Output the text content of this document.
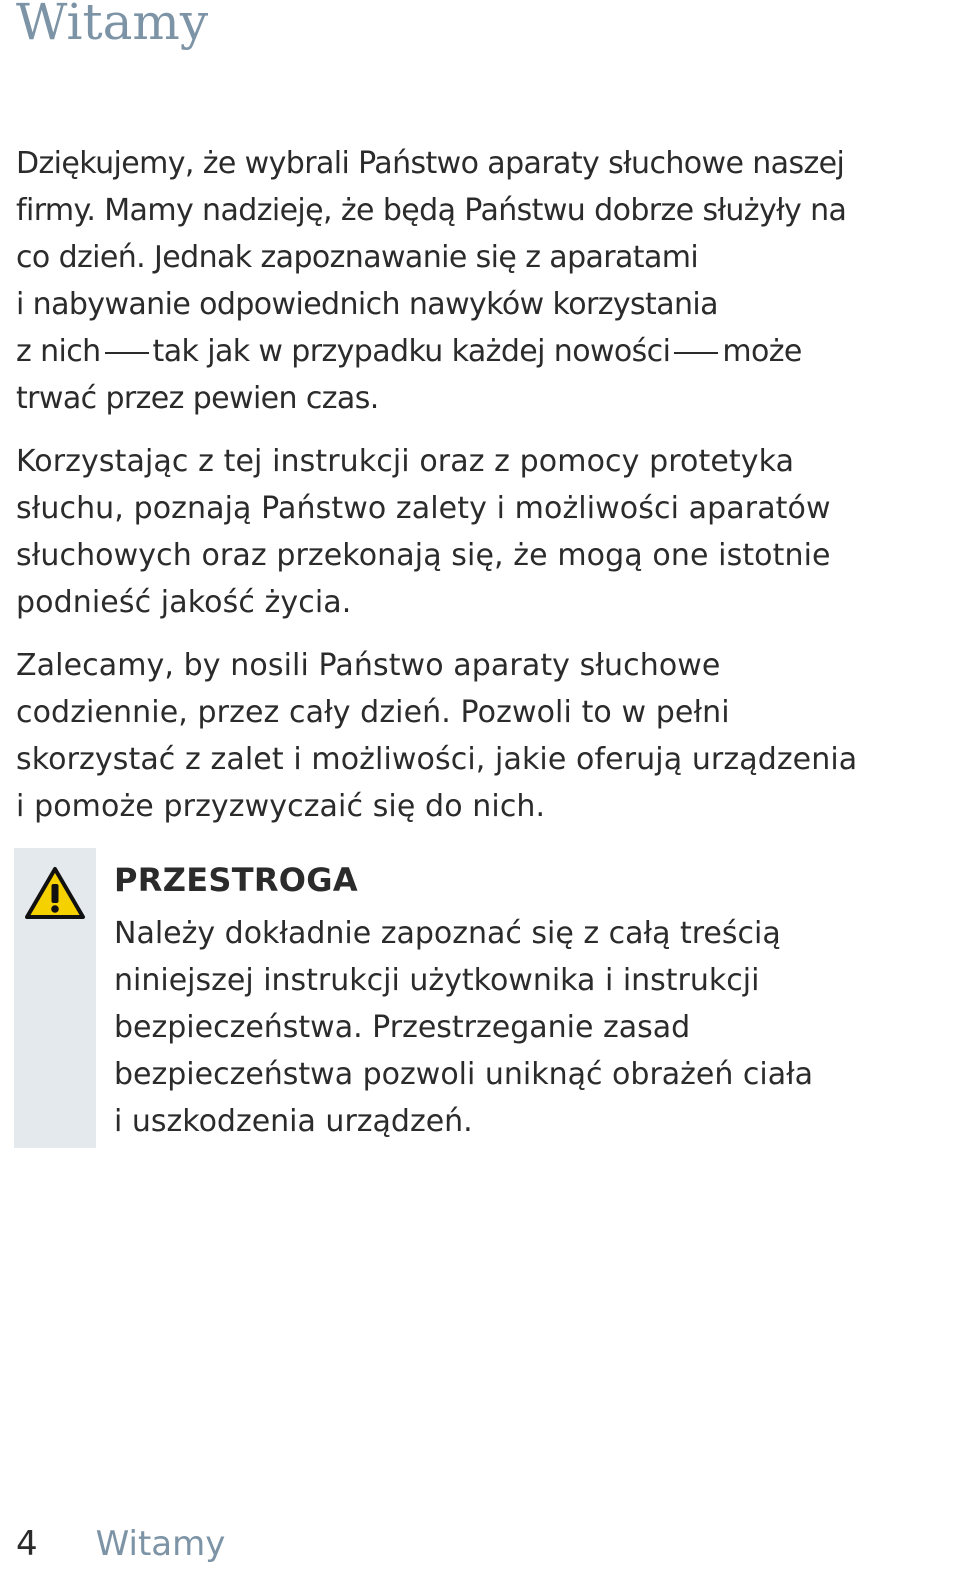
Witamy

Dziękujemy, że wybrali Państwo aparaty słuchowe naszej
firmy. Mamy nadzieję, że będą Państwu dobrze służyły na
co dzień. Jednak zapoznawanie się z aparatami
i nabywanie odpowiednich nawyków korzystania
z nich tak jak w przypadku każdej nowości może
trwać przez pewien czas.

Korzystając z tej instrukcji oraz z pomocy protetyka
słuchu, poznają Państwo zalety i możliwości aparatów
słuchowych oraz przekonają się, że mogą one istotnie
podnieść jakość życia.

Zalecamy, by nosili Państwo aparaty słuchowe
codziennie, przez cały dzień. Pozwoli to w pełni
skorzystać z zalet i możliwości, jakie oferują urządzenia
i pomoże przyzwyczaić się do nich.

PRZESTROGA

Należy dokładnie zapoznać się z całą treścią
niniejszej instrukcji użytkownika i instrukcji
bezpieczeństwa. Przestrzeganie zasad
bezpieczeństwa pozwoli uniknąć obrażeń ciała
i uszkodzenia urządzeń.

4 Witamy
